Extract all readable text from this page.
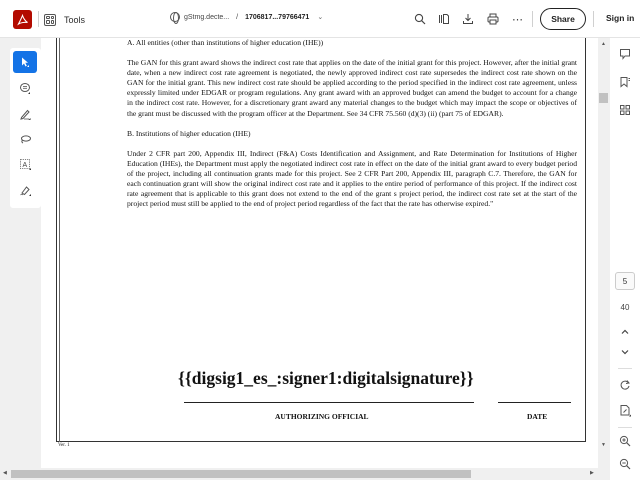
Tools	gStmg.decte... / 1706817...79766471 ⌄	⋯	Share	Sign in
A

A. All entities (other than institutions of higher education (IHE))

The GAN for this grant award shows the indirect cost rate that applies on the date of the initial grant for this project. However, after the initial grant date, when a new indirect cost rate agreement is negotiated, the newly approved indirect cost rate supersedes the indirect cost rate shown on the GAN for the initial grant. This new indirect cost rate should be applied according to the period specified in the indirect cost rate agreement, unless expressly limited under EDGAR or program regulations. Any grant award with an approved budget can amend the budget to account for a change in the indirect cost rate. However, for a discretionary grant award any material changes to the budget which may impact the scope or objectives of the grant must be discussed with the program officer at the Department. See 34 CFR 75.560 (d)(3) (ii) (part 75 of EDGAR).

B. Institutions of higher education (IHE)

Under 2 CFR part 200, Appendix III, Indirect (F&A) Costs Identification and Assignment, and Rate Determination for Institutions of Higher Education (IHEs), the Department must apply the negotiated indirect cost rate in effect on the date of the initial grant award to every budget period of the project, including all continuation grants made for this project. See 2 CFR Part 200, Appendix III, paragraph C.7. Therefore, the GAN for each continuation grant will show the original indirect cost rate and it applies to the entire period of performance of this project. If the indirect cost rate agreement that is applicable to this grant does not extend to the end of the grant s project period, the indirect cost rate set at the start of the project period must still be applied to the end of project period regardless of the fact that the rate has otherwise expired."

{{digsig1_es_:signer1:digitalsignature}}
AUTHORIZING OFFICIAL	DATE
Ver. 1
▲
▼
◀	▶
5
40
